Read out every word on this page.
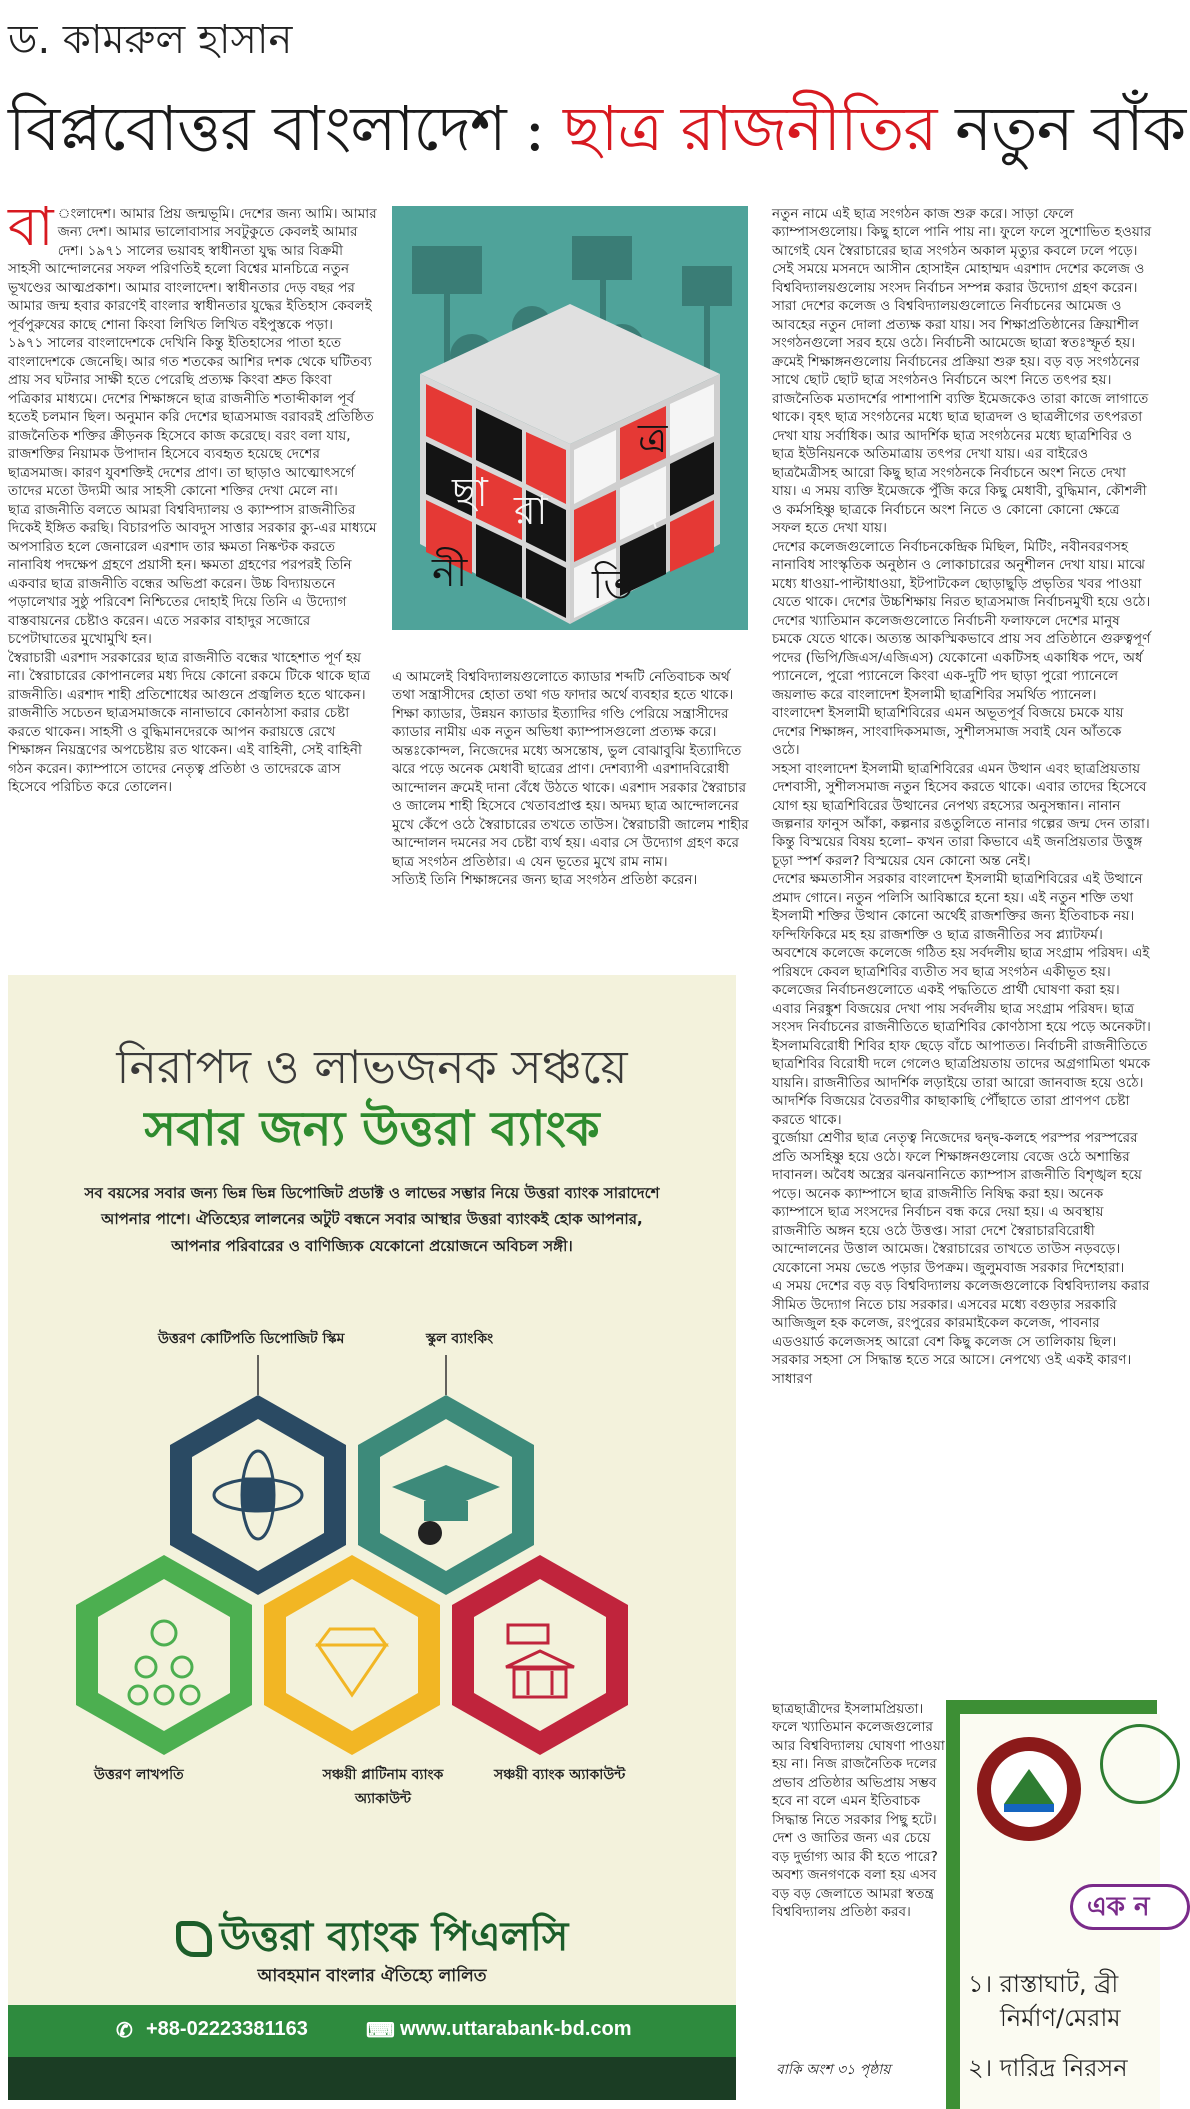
ড. কামরুল হাসান
বিপ্লবোত্তর বাংলাদেশ : ছাত্র রাজনীতির নতুন বাঁক
বা ংলাদেশ। আমার প্রিয় জন্মভূমি। দেশের জন্য আমি। আমার জন্য দেশ। আমার ভালোবাসার সবটুকুতে কেবলই আমার দেশ। ১৯৭১ সালের ভয়াবহ স্বাধীনতা যুদ্ধ আর বিক্রমী সাহসী আন্দোলনের সফল পরিণতিই হলো বিশ্বের মানচিত্রে নতুন ভূখণ্ডের আত্মপ্রকাশ। আমার বাংলাদেশ। স্বাধীনতার দেড় বছর পর আমার জন্ম হবার কারণেই বাংলার স্বাধীনতার যুদ্ধের ইতিহাস কেবলই পূর্বপুরুষের কাছে শোনা কিংবা লিখিত লিখিত বইপুস্তকে পড়া।

১৯৭১ সালের বাংলাদেশকে দেখিনি কিন্তু ইতিহাসের পাতা হতে বাংলাদেশকে জেনেছি। আর গত শতকের আশির দশক থেকে ঘটিতব্য প্রায় সব ঘটনার সাক্ষী হতে পেরেছি প্রত্যক্ষ কিংবা শ্রুত কিংবা পত্রিকার মাধ্যমে। দেশের শিক্ষাঙ্গনে ছাত্র রাজনীতি শতাব্দীকাল পূর্ব হতেই চলমান ছিল। অনুমান করি দেশের ছাত্রসমাজ বরাবরই প্রতিষ্ঠিত রাজনৈতিক শক্তির ক্রীড়নক হিসেবে কাজ করেছে। বরং বলা যায়, রাজশক্তির নিয়ামক উপাদান হিসেবে ব্যবহৃত হয়েছে দেশের ছাত্রসমাজ। কারণ যুবশক্তিই দেশের প্রাণ। তা ছাড়াও আত্মোৎসর্গে তাদের মতো উদ্যমী আর সাহসী কোনো শক্তির দেখা মেলে না।

ছাত্র রাজনীতি বলতে আমরা বিশ্ববিদ্যালয় ও ক্যাম্পাস রাজনীতির দিকেই ইঙ্গিত করছি। বিচারপতি আবদুস সাত্তার সরকার ক্যু-এর মাধ্যমে অপসারিত হলে জেনারেল এরশাদ তার ক্ষমতা নিষ্কণ্টক করতে নানাবিধ পদক্ষেপ গ্রহণে প্রয়াসী হন। ক্ষমতা গ্রহণের পরপরই তিনি একবার ছাত্র রাজনীতি বন্ধের অভিপ্রা করেন। উচ্চ বিদ্যায়তনে পড়ালেখার সুষ্ঠু পরিবেশ নিশ্চিতের দোহাই দিয়ে তিনি এ উদ্যোগ বাস্তবায়নের চেষ্টাও করেন। এতে সরকার বাহাদুর সজোরে চপেটাঘাতের মুখোমুখি হন।

স্বৈরাচারী এরশাদ সরকারের ছাত্র রাজনীতি বন্ধের খাহেশাত পূর্ণ হয় না। স্বৈরাচারের কোপানলের মধ্য দিয়ে কোনো রকমে টিকে থাকে ছাত্র রাজনীতি। এরশাদ শাহী প্রতিশোধের আগুনে প্রজ্বলিত হতে থাকেন। রাজনীতি সচেতন ছাত্রসমাজকে নানাভাবে কোনঠাসা করার চেষ্টা করতে থাকেন। সাহসী ও বুদ্ধিমানদেরকে আপন করায়ত্তে রেখে শিক্ষাঙ্গন নিয়ন্ত্রণের অপচেষ্টায় রত থাকেন। এই বাহিনী, সেই বাহিনী গঠন করেন। ক্যাম্পাসে তাদের নেতৃত্ব প্রতিষ্ঠা ও তাদেরকে ত্রাস হিসেবে পরিচিত করে তোলেন।

ছা
ত্র
রা জ
নী	তি

এ আমলেই বিশ্ববিদ্যালয়গুলোতে ক্যাডার শব্দটি নেতিবাচক অর্থ তথা সন্ত্রাসীদের হোতা তথা গড ফাদার অর্থে ব্যবহার হতে থাকে। শিক্ষা ক্যাডার, উন্নয়ন ক্যাডার ইত্যাদির গণ্ডি পেরিয়ে সন্ত্রাসীদের ক্যাডার নামীয় এক নতুন অভিধা ক্যাম্পাসগুলো প্রত্যক্ষ করে। অন্তঃকোন্দল, নিজেদের মধ্যে অসন্তোষ, ভুল বোঝাবুঝি ইত্যাদিতে ঝরে পড়ে অনেক মেধাবী ছাত্রের প্রাণ। দেশব্যাপী এরশাদবিরোধী আন্দোলন ক্রমেই দানা বেঁধে উঠতে থাকে। এরশাদ সরকার স্বৈরাচার ও জালেম শাহী হিসেবে খেতাবপ্রাপ্ত হয়। অদম্য ছাত্র আন্দোলনের মুখে কেঁপে ওঠে স্বৈরাচারের তখতে তাউস। স্বৈরাচারী জালেম শাহীর আন্দোলন দমনের সব চেষ্টা ব্যর্থ হয়। এবার সে উদ্যোগ গ্রহণ করে ছাত্র সংগঠন প্রতিষ্ঠার। এ যেন ভূতের মুখে রাম নাম।

সত্যিই তিনি শিক্ষাঙ্গনের জন্য ছাত্র সংগঠন প্রতিষ্ঠা করেন।

নতুন নামে এই ছাত্র সংগঠন কাজ শুরু করে। সাড়া ফেলে ক্যাম্পাসগুলোয়। কিছু হালে পানি পায় না। ফুলে ফলে সুশোভিত হওয়ার আগেই যেন স্বৈরাচারের ছাত্র সংগঠন অকাল মৃত্যুর কবলে ঢলে পড়ে।

সেই সময়ে মসনদে আসীন হোসাইন মোহাম্মদ এরশাদ দেশের কলেজ ও বিশ্ববিদ্যালয়গুলোয় সংসদ নির্বাচন সম্পন্ন করার উদ্যোগ গ্রহণ করেন। সারা দেশের কলেজ ও বিশ্ববিদ্যালয়গুলোতে নির্বাচনের আমেজ ও আবহের নতুন দোলা প্রত্যক্ষ করা যায়। সব শিক্ষাপ্রতিষ্ঠানের ক্রিয়াশীল সংগঠনগুলো সরব হয়ে ওঠে। নির্বাচনী আমেজে ছাত্রা স্বতঃস্ফূর্ত হয়। ক্রমেই শিক্ষাঙ্গনগুলোয় নির্বাচনের প্রক্রিয়া শুরু হয়। বড় বড় সংগঠনের সাথে ছোট ছোট ছাত্র সংগঠনও নির্বাচনে অংশ নিতে তৎপর হয়। রাজনৈতিক মতাদর্শের পাশাপাশি ব্যক্তি ইমেজকেও তারা কাজে লাগাতে থাকে। বৃহৎ ছাত্র সংগঠনের মধ্যে ছাত্র ছাত্রদল ও ছাত্রলীগের তৎপরতা দেখা যায় সর্বাধিক। আর আদর্শিক ছাত্র সংগঠনের মধ্যে ছাত্রশিবির ও ছাত্র ইউনিয়নকে অতিমাত্রায় তৎপর দেখা যায়। এর বাইরেও ছাত্রমৈত্রীসহ আরো কিছু ছাত্র সংগঠনকে নির্বাচনে অংশ নিতে দেখা যায়। এ সময় ব্যক্তি ইমেজকে পুঁজি করে কিছু মেধাবী, বুদ্ধিমান, কৌশলী ও কর্মসহিষ্ণু ছাত্রকে নির্বাচনে অংশ নিতে ও কোনো কোনো ক্ষেত্রে সফল হতে দেখা যায়।

দেশের কলেজগুলোতে নির্বাচনকেন্দ্রিক মিছিল, মিটিং, নবীনবরণসহ নানাবিধ সাংস্কৃতিক অনুষ্ঠান ও লোকাচারের অনুশীলন দেখা যায়। মাঝে মধ্যে ধাওয়া-পাল্টাধাওয়া, ইটপাটকেল ছোড়াছুড়ি প্রভৃতির খবর পাওয়া যেতে থাকে। দেশের উচ্চশিক্ষায় নিরত ছাত্রসমাজ নির্বাচনমুখী হয়ে ওঠে। দেশের খ্যাতিমান কলেজগুলোতে নির্বাচনী ফলাফলে দেশের মানুষ চমকে যেতে থাকে। অত্যন্ত আকস্মিকভাবে প্রায় সব প্রতিষ্ঠানে গুরুত্বপূর্ণ পদের (ভিপি/জিএস/এজিএস) যেকোনো একটিসহ একাধিক পদে, অর্ধ প্যানেলে, পুরো প্যানেলে কিংবা এক-দুটি পদ ছাড়া পুরো প্যানেলে জয়লাভ করে বাংলাদেশ ইসলামী ছাত্রশিবির সমর্থিত প্যানেল। বাংলাদেশ ইসলামী ছাত্রশিবিরের এমন অভূতপূর্ব বিজয়ে চমকে যায় দেশের শিক্ষাঙ্গন, সাংবাদিকসমাজ, সুশীলসমাজ সবাই যেন আঁতকে ওঠে।

সহসা বাংলাদেশ ইসলামী ছাত্রশিবিরের এমন উত্থান এবং ছাত্রপ্রিয়তায় দেশবাসী, সুশীলসমাজ নতুন হিসেব করতে থাকে। এবার তাদের হিসেবে যোগ হয় ছাত্রশিবিরের উত্থানের নেপথ্য রহস্যের অনুসন্ধান। নানান জল্পনার ফানুস আঁকা, কল্পনার রঙতুলিতে নানার গল্পের জন্ম দেন তারা। কিন্তু বিস্ময়ের বিষয় হলো– কখন তারা কিভাবে এই জনপ্রিয়তার উত্তুঙ্গ চূড়া স্পর্শ করল? বিস্ময়ের যেন কোনো অন্ত নেই।

দেশের ক্ষমতাসীন সরকার বাংলাদেশ ইসলামী ছাত্রশিবিরের এই উত্থানে প্রমাদ গোনে। নতুন পলিসি আবিষ্কারে হনো হয়। এই নতুন শক্তি তথা ইসলামী শক্তির উত্থান কোনো অর্থেই রাজশক্তির জন্য ইতিবাচক নয়। ফন্দিফিকিরে মহ হয় রাজশক্তি ও ছাত্র রাজনীতির সব প্ল্যাটফর্ম। অবশেষে কলেজে কলেজে গঠিত হয় সর্বদলীয় ছাত্র সংগ্রাম পরিষদ। এই পরিষদে কেবল ছাত্রশিবির ব্যতীত সব ছাত্র সংগঠন একীভূত হয়। কলেজের নির্বাচনগুলোতে একই পদ্ধতিতে প্রার্থী ঘোষণা করা হয়। এবার নিরঙ্কুশ বিজয়ের দেখা পায় সর্বদলীয় ছাত্র সংগ্রাম পরিষদ। ছাত্র সংসদ নির্বাচনের রাজনীতিতে ছাত্রশিবির কোণঠাসা হয়ে পড়ে অনেকটা। ইসলামবিরোধী শিবির হাফ ছেড়ে বাঁচে আপাতত। নির্বাচনী রাজনীতিতে ছাত্রশিবির বিরোধী দলে গেলেও ছাত্রপ্রিয়তায় তাদের অগ্রগামিতা থমকে যায়নি। রাজনীতির আদর্শিক লড়াইয়ে তারা আরো জানবাজ হয়ে ওঠে। আদর্শিক বিজয়ের বৈতরণীর কাছাকাছি পৌঁছাতে তারা প্রাণপণ চেষ্টা করতে থাকে।

বুর্জোয়া শ্রেণীর ছাত্র নেতৃত্ব নিজেদের দ্বন্দ্ব-কলহে পরস্পর পরস্পরের প্রতি অসহিষ্ণু হয়ে ওঠে। ফলে শিক্ষাঙ্গনগুলোয় বেজে ওঠে অশান্তির দাবানল। অবৈধ অস্ত্রের ঝনঝনানিতে ক্যাম্পাস রাজনীতি বিশৃঙ্খল হয়ে পড়ে। অনেক ক্যাম্পাসে ছাত্র রাজনীতি নিষিদ্ধ করা হয়। অনেক ক্যাম্পাসে ছাত্র সংসদের নির্বাচন বন্ধ করে দেয়া হয়। এ অবস্থায় রাজনীতি অঙ্গন হয়ে ওঠে উত্তপ্ত। সারা দেশে স্বৈরাচারবিরোধী আন্দোলনের উত্তাল আমেজ। স্বৈরাচারের তাখতে তাউস নড়বড়ে। যেকোনো সময় ভেঙে পড়ার উপক্রম। জুলুমবাজ সরকার দিশেহারা।

এ সময় দেশের বড় বড় বিশ্ববিদ্যালয় কলেজগুলোকে বিশ্ববিদ্যালয় করার সীমিত উদ্যোগ নিতে চায় সরকার। এসবের মধ্যে বগুড়ার সরকারি আজিজুল হক কলেজ, রংপুরের কারমাইকেল কলেজ, পাবনার এডওয়ার্ড কলেজসহ আরো বেশ কিছু কলেজ সে তালিকায় ছিল। সরকার সহসা সে সিদ্ধান্ত হতে সরে আসে। নেপথ্যে ওই একই কারণ। সাধারণ

ছাত্রছাত্রীদের ইসলামপ্রিয়তা। ফলে খ্যাতিমান কলেজগুলোর আর বিশ্ববিদ্যালয় ঘোষণা পাওয়া হয় না। নিজ রাজনৈতিক দলের প্রভাব প্রতিষ্ঠার অভিপ্রায় সম্ভব হবে না বলে এমন ইতিবাচক সিদ্ধান্ত নিতে সরকার পিছু হটে। দেশ ও জাতির জন্য এর চেয়ে বড় দুর্ভাগ্য আর কী হতে পারে? অবশ্য জনগণকে বলা হয় এসব বড় বড় জেলাতে আমরা স্বতন্ত্র বিশ্ববিদ্যালয় প্রতিষ্ঠা করব।

বাকি অংশ ৩১ পৃষ্ঠায়
নিরাপদ ও লাভজনক সঞ্চয়ে
সবার জন্য উত্তরা ব্যাংক
সব বয়সের সবার জন্য ভিন্ন ভিন্ন ডিপোজিট প্রডাক্ট ও লাভের সম্ভার নিয়ে উত্তরা ব্যাংক সারাদেশে আপনার পাশে। ঐতিহ্যের লালনের অটুট বন্ধনে সবার আস্থার উত্তরা ব্যাংকই হোক আপনার, আপনার পরিবারের ও বাণিজ্যিক যেকোনো প্রয়োজনে অবিচল সঙ্গী।
উত্তরণ কোটিপতি ডিপোজিট স্কিম	স্কুল ব্যাংকিং
উত্তরণ লাখপতি	সঞ্চয়ী প্লাটিনাম ব্যাংক অ্যাকাউন্ট
সঞ্চয়ী ব্যাংক অ্যাকাউন্ট
উত্তরা ব্যাংক পিএলসি
আবহমান বাংলার ঐতিহ্যে লালিত
✆ +88-02223381163	⌨ www.uttarabank-bd.com
এক ন
১। রাস্তাঘাট, ব্রী
নির্মাণ/মেরাম
২। দারিদ্র নিরসন
